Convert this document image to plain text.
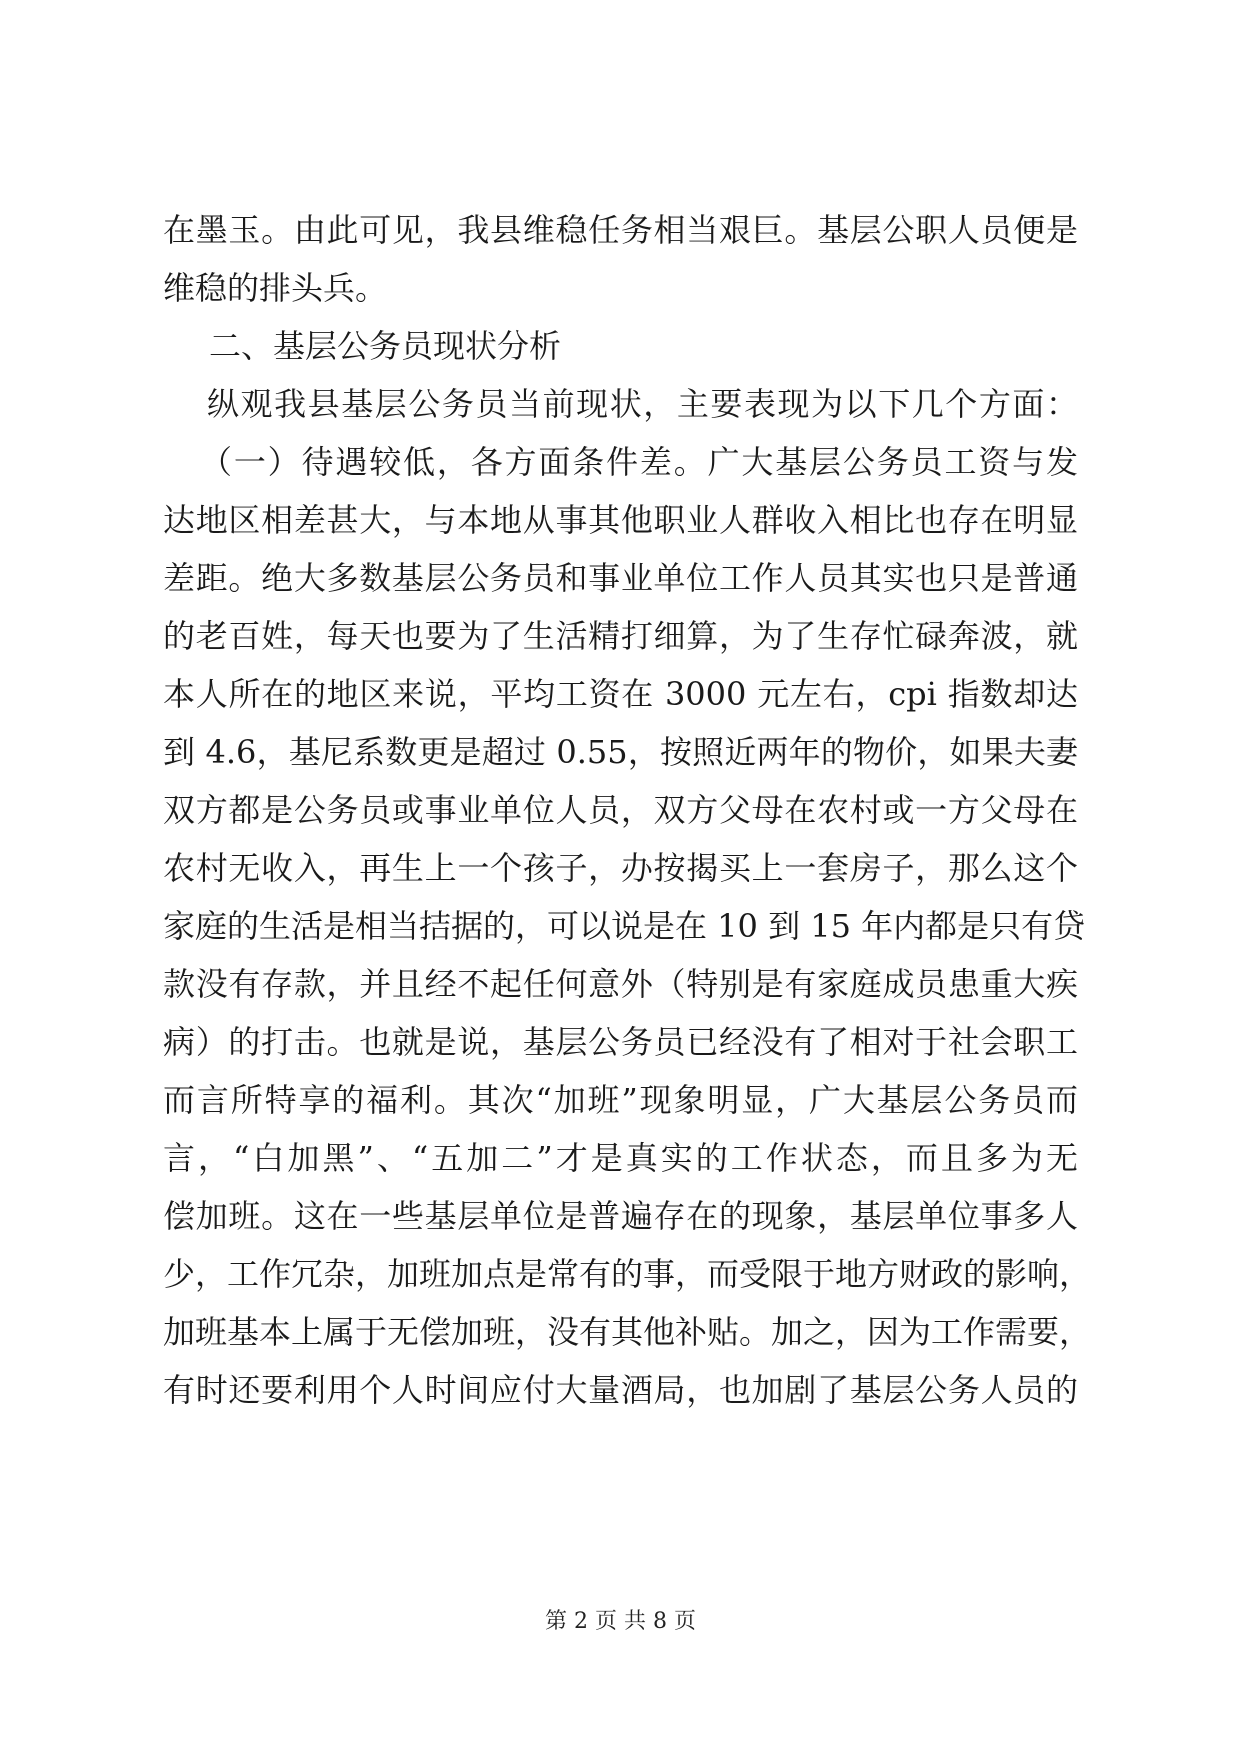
在墨玉。由此可见，我县维稳任务相当艰巨。基层公职人员便是
维稳的排头兵。
二、基层公务员现状分析
纵观我县基层公务员当前现状，主要表现为以下几个方面：
（一）待遇较低，各方面条件差。广大基层公务员工资与发
达地区相差甚大，与本地从事其他职业人群收入相比也存在明显
差距。绝大多数基层公务员和事业单位工作人员其实也只是普通
的老百姓，每天也要为了生活精打细算，为了生存忙碌奔波，就
本人所在的地区来说，平均工资在 3000 元左右，cpi 指数却达
到 4.6，基尼系数更是超过 0.55，按照近两年的物价，如果夫妻
双方都是公务员或事业单位人员，双方父母在农村或一方父母在
农村无收入，再生上一个孩子，办按揭买上一套房子，那么这个
家庭的生活是相当拮据的，可以说是在 10 到 15 年内都是只有贷
款没有存款，并且经不起任何意外（特别是有家庭成员患重大疾
病）的打击。也就是说，基层公务员已经没有了相对于社会职工
而言所特享的福利。其次“加班”现象明显，广大基层公务员而
言，“白加黑”、“五加二”才是真实的工作状态，而且多为无
偿加班。这在一些基层单位是普遍存在的现象，基层单位事多人
少，工作冗杂，加班加点是常有的事，而受限于地方财政的影响，
加班基本上属于无偿加班，没有其他补贴。加之，因为工作需要，
有时还要利用个人时间应付大量酒局，也加剧了基层公务人员的
第 2 页 共 8 页
